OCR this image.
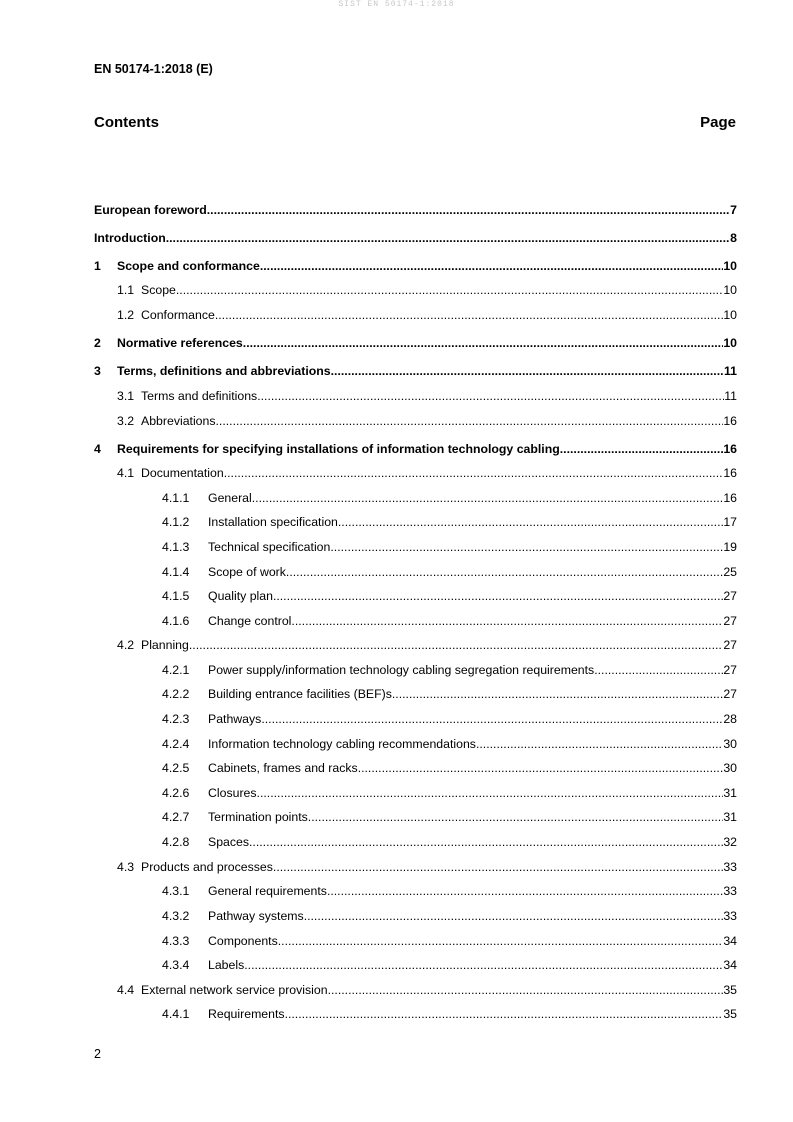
SIST EN 50174-1:2018
EN 50174-1:2018 (E)
Contents	Page
European foreword .....	7
Introduction .....	8
1	Scope and conformance .....	10
1.1 Scope .....	10
1.2 Conformance .....	10
2	Normative references .....	10
3	Terms, definitions and abbreviations .....	11
3.1 Terms and definitions .....	11
3.2 Abbreviations .....	16
4	Requirements for specifying installations of information technology cabling .....	16
4.1 Documentation .....	16
4.1.1	General .....	16
4.1.2	Installation specification .....	17
4.1.3	Technical specification .....	19
4.1.4	Scope of work .....	25
4.1.5	Quality plan .....	27
4.1.6	Change control .....	27
4.2 Planning .....	27
4.2.1	Power supply/information technology cabling segregation requirements .....	27
4.2.2	Building entrance facilities (BEF)s .....	27
4.2.3	Pathways .....	28
4.2.4	Information technology cabling recommendations .....	30
4.2.5	Cabinets, frames and racks .....	30
4.2.6	Closures .....	31
4.2.7	Termination points .....	31
4.2.8	Spaces .....	32
4.3 Products and processes .....	33
4.3.1	General requirements .....	33
4.3.2	Pathway systems .....	33
4.3.3	Components .....	34
4.3.4	Labels .....	34
4.4 External network service provision .....	35
4.4.1	Requirements .....	35
2
